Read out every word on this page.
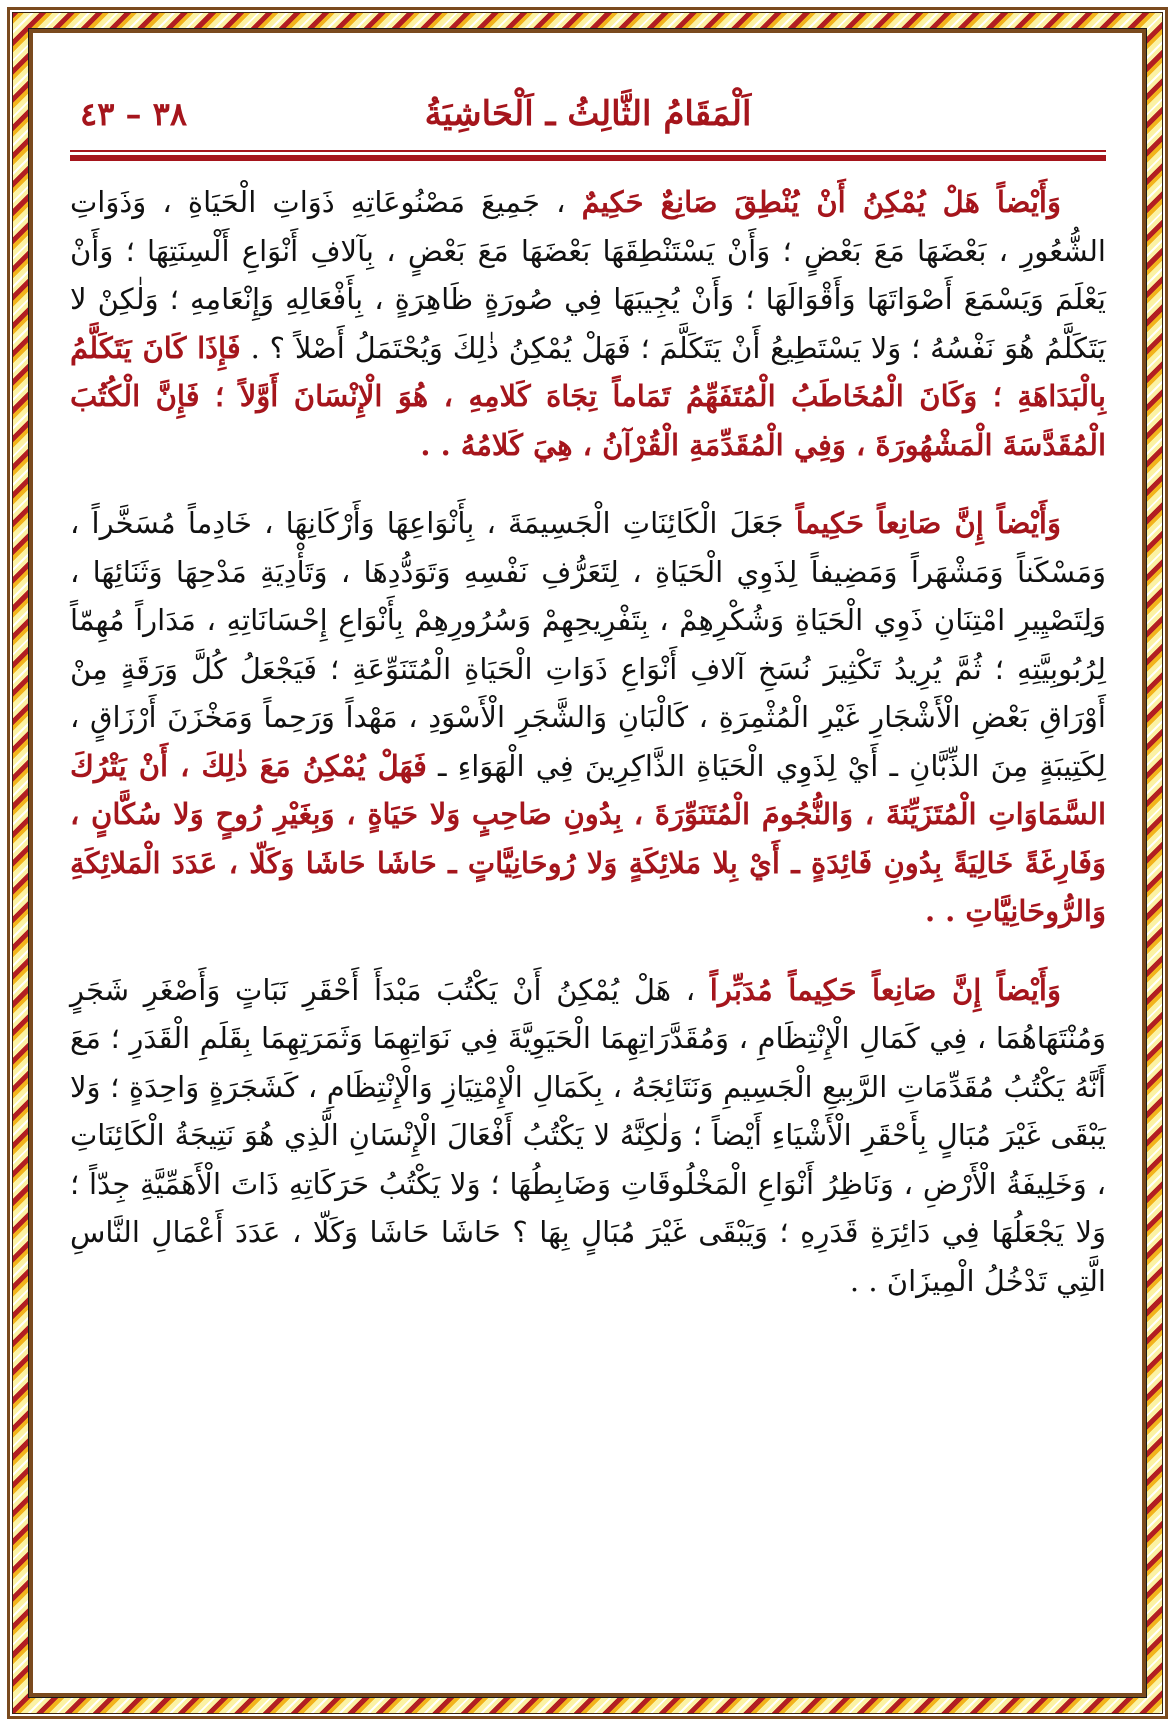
اَلْمَقَامُ الثَّالِثُ ـ اَلْحَاشِيَةُ
٣٨ – ٤٣

وَأَيْضاً هَلْ يُمْكِنُ أَنْ يُنْطِقَ صَانِعٌ حَكِيمٌ ، جَمِيعَ مَصْنُوعَاتِهِ ذَوَاتِ الْحَيَاةِ ، وَذَوَاتِ الشُّعُورِ ، بَعْضَهَا مَعَ بَعْضٍ ؛ وَأَنْ يَسْتَنْطِقَهَا بَعْضَهَا مَعَ بَعْضٍ ، بِآلافِ أَنْوَاعِ أَلْسِنَتِهَا ؛ وَأَنْ يَعْلَمَ وَيَسْمَعَ أَصْوَاتَهَا وَأَقْوَالَهَا ؛ وَأَنْ يُجِيبَهَا فِي صُورَةٍ ظَاهِرَةٍ ، بِأَفْعَالِهِ وَإِنْعَامِهِ ؛ وَلٰكِنْ لا يَتَكَلَّمُ هُوَ نَفْسُهُ ؛ وَلا يَسْتَطِيعُ أَنْ يَتَكَلَّمَ ؛ فَهَلْ يُمْكِنُ ذٰلِكَ وَيُحْتَمَلُ أَصْلاً ؟ . فَإِذَا كَانَ يَتَكَلَّمُ بِالْبَدَاهَةِ ؛ وَكَانَ الْمُخَاطَبُ الْمُتَفَهِّمُ تَمَاماً تِجَاهَ كَلامِهِ ، هُوَ الْإِنْسَانَ أَوَّلاً ؛ فَإِنَّ الْكُتُبَ الْمُقَدَّسَةَ الْمَشْهُورَةَ ، وَفِي الْمُقَدِّمَةِ الْقُرْآنُ ، هِيَ كَلامُهُ . .

وَأَيْضاً إِنَّ صَانِعاً حَكِيماً جَعَلَ الْكَائِنَاتِ الْجَسِيمَةَ ، بِأَنْوَاعِهَا وَأَرْكَانِهَا ، خَادِماً مُسَخَّراً ، وَمَسْكَناً وَمَشْهَراً وَمَضِيفاً لِذَوِي الْحَيَاةِ ، لِتَعَرُّفِ نَفْسِهِ وَتَوَدُّدِهَا ، وَتَأْدِيَةِ مَدْحِهَا وَثَنَائِهَا ، وَلِتَصْيِيرِ امْتِنَانِ ذَوِي الْحَيَاةِ وَشُكْرِهِمْ ، بِتَفْرِيحِهِمْ وَسُرُورِهِمْ بِأَنْوَاعِ إِحْسَانَاتِهِ ، مَدَاراً مُهِمّاً لِرُبُوبِيَّتِهِ ؛ ثُمَّ يُرِيدُ تَكْثِيرَ نُسَخِ آلافِ أَنْوَاعِ ذَوَاتِ الْحَيَاةِ الْمُتَنَوِّعَةِ ؛ فَيَجْعَلُ كُلَّ وَرَقَةٍ مِنْ أَوْرَاقِ بَعْضِ الْأَشْجَارِ غَيْرِ الْمُثْمِرَةِ ، كَالْبَانِ وَالشَّجَرِ الْأَسْوَدِ ، مَهْداً وَرَحِماً وَمَخْزَنَ أَرْزَاقٍ ، لِكَتِيبَةٍ مِنَ الذِّبَّانِ ـ أَيْ لِذَوِي الْحَيَاةِ الذَّاكِرِينَ فِي الْهَوَاءِ ـ فَهَلْ يُمْكِنُ مَعَ ذٰلِكَ ، أَنْ يَتْرُكَ السَّمَاوَاتِ الْمُتَزَيِّنَةَ ، وَالنُّجُومَ الْمُتَنَوِّرَةَ ، بِدُونِ صَاحِبٍ وَلا حَيَاةٍ ، وَبِغَيْرِ رُوحٍ وَلا سُكَّانٍ ، وَفَارِغَةً خَالِيَةً بِدُونِ فَائِدَةٍ ـ أَيْ بِلا مَلائِكَةٍ وَلا رُوحَانِيَّاتٍ ـ حَاشَا حَاشَا وَكَلّا ، عَدَدَ الْمَلائِكَةِ وَالرُّوحَانِيَّاتِ . .

وَأَيْضاً إِنَّ صَانِعاً حَكِيماً مُدَبِّراً ، هَلْ يُمْكِنُ أَنْ يَكْتُبَ مَبْدَأَ أَحْقَرِ نَبَاتٍ وَأَصْغَرِ شَجَرٍ وَمُنْتَهَاهُمَا ، فِي كَمَالِ الْإِنْتِظَامِ ، وَمُقَدَّرَاتِهِمَا الْحَيَوِيَّةَ فِي نَوَاتِهِمَا وَثَمَرَتِهِمَا بِقَلَمِ الْقَدَرِ ؛ مَعَ أَنَّهُ يَكْتُبُ مُقَدِّمَاتِ الرَّبِيعِ الْجَسِيمِ وَنَتَائِجَهُ ، بِكَمَالِ الْإِمْتِيَازِ وَالْإِنْتِظَامِ ، كَشَجَرَةٍ وَاحِدَةٍ ؛ وَلا يَبْقَى غَيْرَ مُبَالٍ بِأَحْقَرِ الْأَشْيَاءِ أَيْضاً ؛ وَلٰكِنَّهُ لا يَكْتُبُ أَفْعَالَ الْإِنْسَانِ الَّذِي هُوَ نَتِيجَةُ الْكَائِنَاتِ ، وَخَلِيفَةُ الْأَرْضِ ، وَنَاظِرُ أَنْوَاعِ الْمَخْلُوقَاتِ وَضَابِطُهَا ؛ وَلا يَكْتُبُ حَرَكَاتِهِ ذَاتَ الْأَهَمِّيَّةِ جِدّاً ؛ وَلا يَجْعَلُهَا فِي دَائِرَةِ قَدَرِهِ ؛ وَيَبْقَى غَيْرَ مُبَالٍ بِهَا ؟ حَاشَا حَاشَا وَكَلّا ، عَدَدَ أَعْمَالِ النَّاسِ الَّتِي تَدْخُلُ الْمِيزَانَ . .
